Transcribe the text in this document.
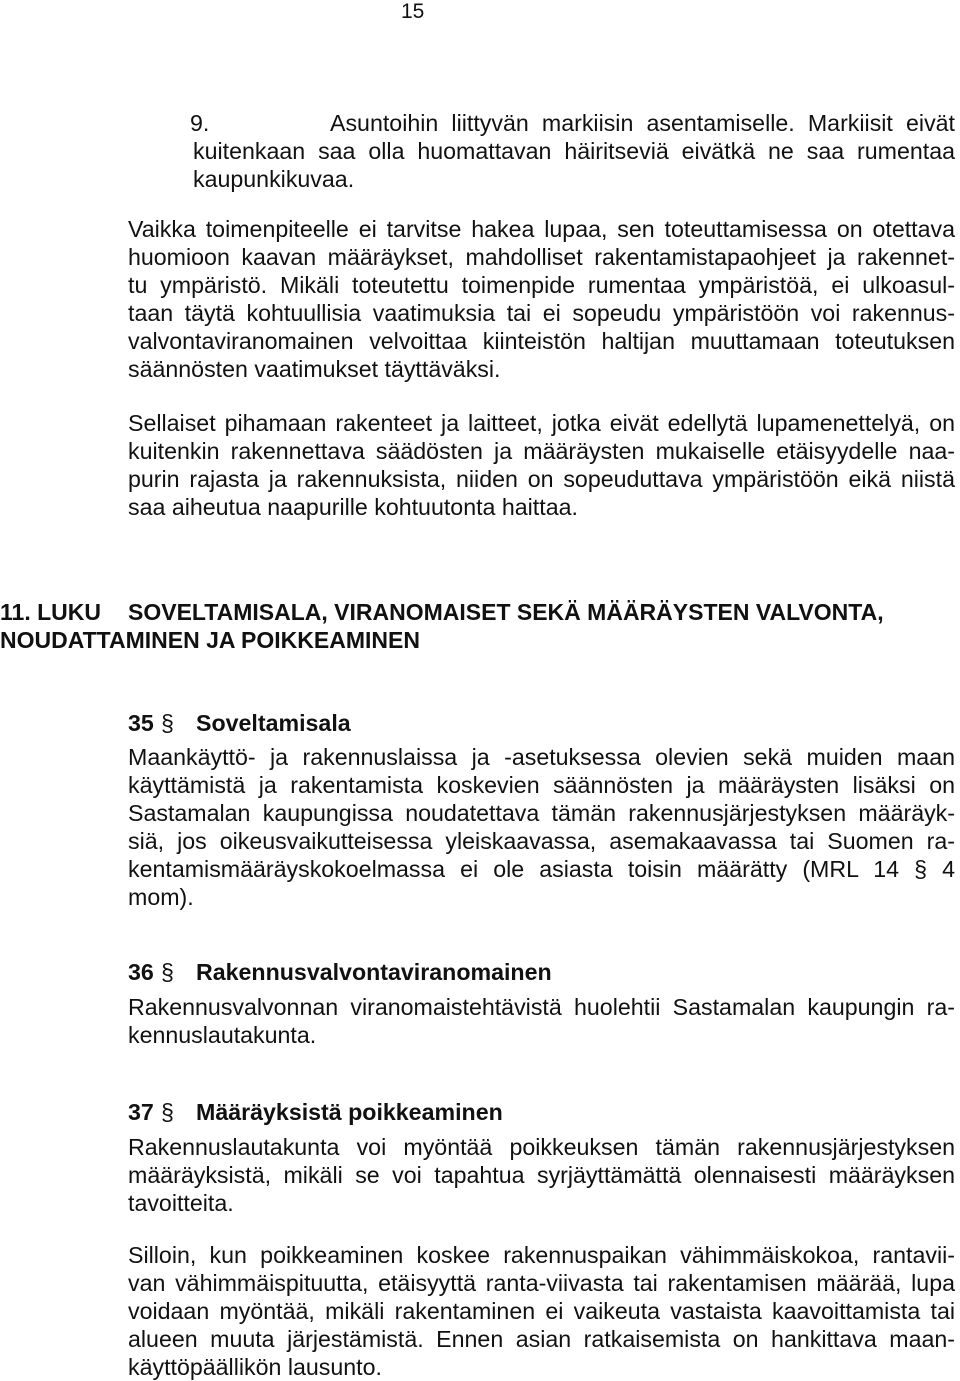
15
9.	Asuntoihin liittyvän markiisin asentamiselle. Markiisit eivät
kuitenkaan saa olla huomattavan häiritseviä eivätkä ne saa rumentaa
kaupunkikuvaa.
Vaikka toimenpiteelle ei tarvitse hakea lupaa, sen toteuttamisessa on otettava
huomioon kaavan määräykset, mahdolliset rakentamistapaohjeet ja rakennet-
tu ympäristö. Mikäli toteutettu toimenpide rumentaa ympäristöä, ei ulkoasul-
taan täytä kohtuullisia vaatimuksia tai ei sopeudu ympäristöön voi rakennus-
valvontaviranomainen velvoittaa kiinteistön haltijan muuttamaan toteutuksen
säännösten vaatimukset täyttäväksi.
Sellaiset pihamaan rakenteet ja laitteet, jotka eivät edellytä lupamenettelyä, on
kuitenkin rakennettava säädösten ja määräysten mukaiselle etäisyydelle naa-
purin rajasta ja rakennuksista, niiden on sopeuduttava ympäristöön eikä niistä
saa aiheutua naapurille kohtuutonta haittaa.
11. LUKU SOVELTAMISALA, VIRANOMAISET SEKÄ MÄÄRÄYSTEN VALVONTA,
NOUDATTAMINEN JA POIKKEAMINEN
35 § Soveltamisala
Maankäyttö- ja rakennuslaissa ja -asetuksessa olevien sekä muiden maan
käyttämistä ja rakentamista koskevien säännösten ja määräysten lisäksi on
Sastamalan kaupungissa noudatettava tämän rakennusjärjestyksen määräyk-
siä, jos oikeusvaikutteisessa yleiskaavassa, asemakaavassa tai Suomen ra-
kentamismääräyskokoelmassa ei ole asiasta toisin määrätty (MRL 14 § 4
mom).
36 § Rakennusvalvontaviranomainen
Rakennusvalvonnan viranomaistehtävistä huolehtii Sastamalan kaupungin ra-
kennuslautakunta.
37 § Määräyksistä poikkeaminen
Rakennuslautakunta voi myöntää poikkeuksen tämän rakennusjärjestyksen
määräyksistä, mikäli se voi tapahtua syrjäyttämättä olennaisesti määräyksen
tavoitteita.
Silloin, kun poikkeaminen koskee rakennuspaikan vähimmäiskokoa, rantavii-
van vähimmäispituutta, etäisyyttä ranta-viivasta tai rakentamisen määrää, lupa
voidaan myöntää, mikäli rakentaminen ei vaikeuta vastaista kaavoittamista tai
alueen muuta järjestämistä. Ennen asian ratkaisemista on hankittava maan-
käyttöpäällikön lausunto.
